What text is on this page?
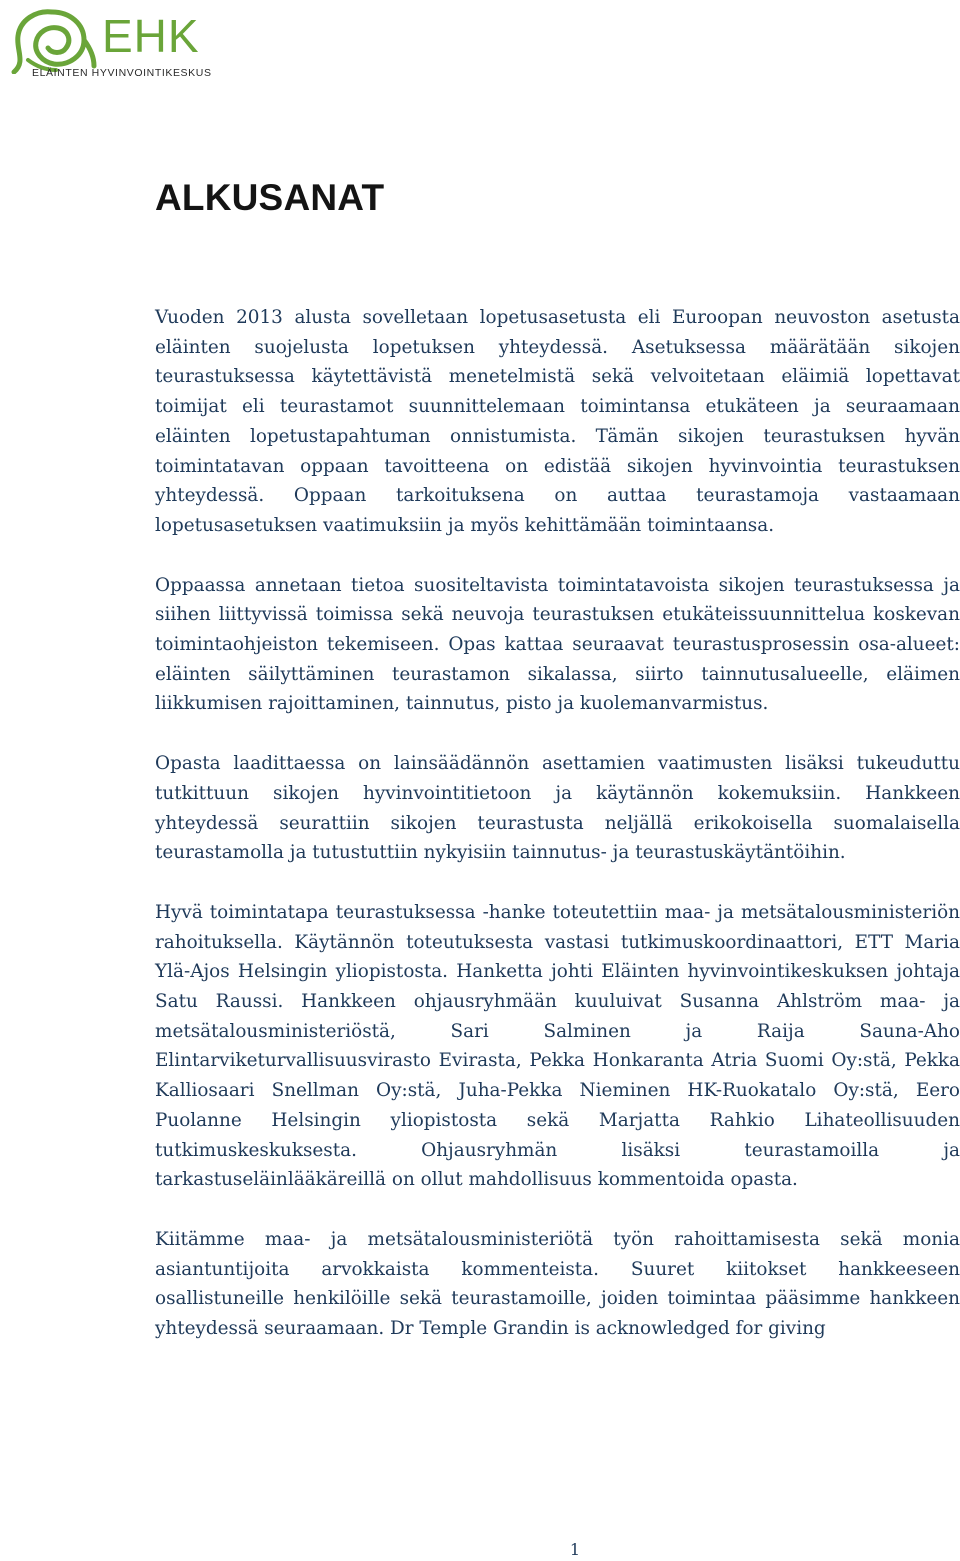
EHK
ELÄINTEN HYVINVOINTIKESKUS
ALKUSANAT

Vuoden 2013 alusta sovelletaan lopetusasetusta eli Euroopan neuvoston asetusta eläinten suojelusta lopetuksen yhteydessä. Asetuksessa määrätään sikojen teurastuksessa käytettävistä menetelmistä sekä velvoitetaan eläimiä lopettavat toimijat eli teurastamot suunnittelemaan toimintansa etukäteen ja seuraamaan eläinten lopetustapahtuman onnistumista. Tämän sikojen teurastuksen hyvän toimintatavan oppaan tavoitteena on edistää sikojen hyvinvointia teurastuksen yhteydessä. Oppaan tarkoituksena on auttaa teurastamoja vastaamaan lopetusasetuksen vaatimuksiin ja myös kehittämään toimintaansa.

Oppaassa annetaan tietoa suositeltavista toimintatavoista sikojen teurastuksessa ja siihen liittyvissä toimissa sekä neuvoja teurastuksen etukäteissuunnittelua koskevan toimintaohjeiston tekemiseen. Opas kattaa seuraavat teurastusprosessin osa-alueet: eläinten säilyttäminen teurastamon sikalassa, siirto tainnutusalueelle, eläimen liikkumisen rajoittaminen, tainnutus, pisto ja kuolemanvarmistus.

Opasta laadittaessa on lainsäädännön asettamien vaatimusten lisäksi tukeuduttu tutkittuun sikojen hyvinvointitietoon ja käytännön kokemuksiin. Hankkeen yhteydessä seurattiin sikojen teurastusta neljällä erikokoisella suomalaisella teurastamolla ja tutustuttiin nykyisiin tainnutus- ja teurastuskäytäntöihin.

Hyvä toimintatapa teurastuksessa -hanke toteutettiin maa- ja metsätalousministeriön rahoituksella. Käytännön toteutuksesta vastasi tutkimuskoordinaattori, ETT Maria Ylä-Ajos Helsingin yliopistosta. Hanketta johti Eläinten hyvinvointikeskuksen johtaja Satu Raussi. Hankkeen ohjausryhmään kuuluivat Susanna Ahlström maa- ja metsätalousministeriöstä, Sari Salminen ja Raija Sauna-Aho Elintarviketurvallisuusvirasto Evirasta, Pekka Honkaranta Atria Suomi Oy:stä, Pekka Kalliosaari Snellman Oy:stä, Juha-Pekka Nieminen HK-Ruokatalo Oy:stä, Eero Puolanne Helsingin yliopistosta sekä Marjatta Rahkio Lihateollisuuden tutkimuskeskuksesta. Ohjausryhmän lisäksi teurastamoilla ja tarkastuseläinlääkäreillä on ollut mahdollisuus kommentoida opasta.

Kiitämme maa- ja metsätalousministeriötä työn rahoittamisesta sekä monia asiantuntijoita arvokkaista kommenteista. Suuret kiitokset hankkeeseen osallistuneille henkilöille sekä teurastamoille, joiden toimintaa pääsimme hankkeen yhteydessä seuraamaan. Dr Temple Grandin is acknowledged for giving

1
